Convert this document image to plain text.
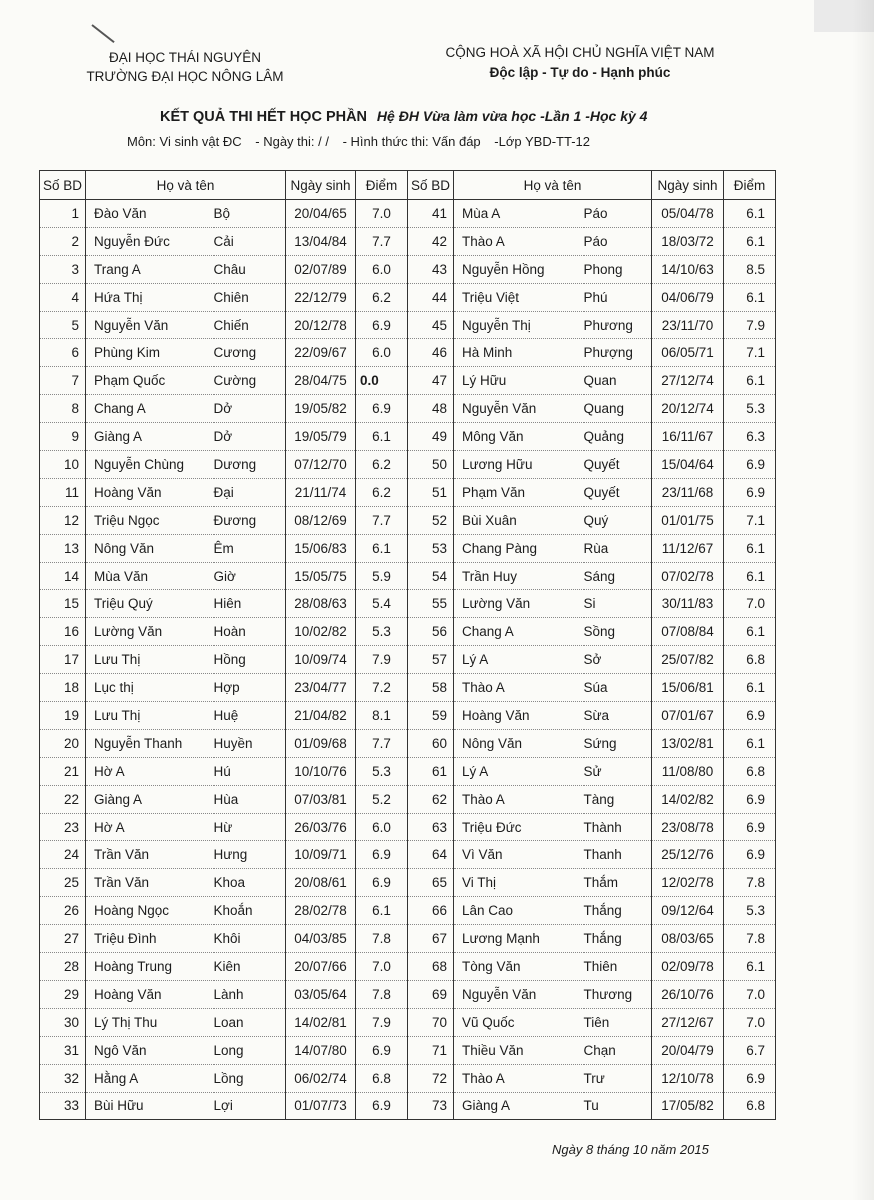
ĐẠI HỌC THÁI NGUYÊN
TRƯỜNG ĐẠI HỌC NÔNG LÂM
CỘNG HOÀ XÃ HỘI CHỦ NGHĨA VIỆT NAM
Độc lập - Tự do - Hạnh phúc
KẾT QUẢ THI HẾT HỌC PHẦN Hệ ĐH Vừa làm vừa học -Lần 1 -Học kỳ 4
Môn: Vi sinh vật ĐC - Ngày thi: / / - Hình thức thi: Vấn đáp -Lớp YBD-TT-12
Số BD	Họ và tên		Ngày sinh	Điểm	Số BD	Họ và tên		Ngày sinh	Điểm
1	Đào Văn	Bộ	20/04/65	7.0	41	Mùa A	Páo	05/04/78	6.1
2	Nguyễn Đức	Cải	13/04/84	7.7	42	Thào A	Páo	18/03/72	6.1
3	Trang A	Châu	02/07/89	6.0	43	Nguyễn Hồng	Phong	14/10/63	8.5
4	Hứa Thị	Chiên	22/12/79	6.2	44	Triệu Việt	Phú	04/06/79	6.1
5	Nguyễn Văn	Chiến	20/12/78	6.9	45	Nguyễn Thị	Phương	23/11/70	7.9
6	Phùng Kim	Cương	22/09/67	6.0	46	Hà Minh	Phượng	06/05/71	7.1
7	Phạm Quốc	Cường	28/04/75	0.0	47	Lý Hữu	Quan	27/12/74	6.1
8	Chang A	Dở	19/05/82	6.9	48	Nguyễn Văn	Quang	20/12/74	5.3
9	Giàng A	Dở	19/05/79	6.1	49	Mông Văn	Quảng	16/11/67	6.3
10	Nguyễn Chùng	Dương	07/12/70	6.2	50	Lương Hữu	Quyết	15/04/64	6.9
11	Hoàng Văn	Đại	21/11/74	6.2	51	Phạm Văn	Quyết	23/11/68	6.9
12	Triệu Ngọc	Đương	08/12/69	7.7	52	Bùi Xuân	Quý	01/01/75	7.1
13	Nông Văn	Êm	15/06/83	6.1	53	Chang Pàng	Rùa	11/12/67	6.1
14	Mùa Văn	Giờ	15/05/75	5.9	54	Trần Huy	Sáng	07/02/78	6.1
15	Triệu Quý	Hiên	28/08/63	5.4	55	Lường Văn	Si	30/11/83	7.0
16	Lường Văn	Hoàn	10/02/82	5.3	56	Chang A	Sồng	07/08/84	6.1
17	Lưu Thị	Hồng	10/09/74	7.9	57	Lý A	Sở	25/07/82	6.8
18	Lục thị	Hợp	23/04/77	7.2	58	Thào A	Súa	15/06/81	6.1
19	Lưu Thị	Huệ	21/04/82	8.1	59	Hoàng Văn	Sừa	07/01/67	6.9
20	Nguyễn Thanh	Huyền	01/09/68	7.7	60	Nông Văn	Sứng	13/02/81	6.1
21	Hờ A	Hú	10/10/76	5.3	61	Lý A	Sử	11/08/80	6.8
22	Giàng A	Hùa	07/03/81	5.2	62	Thào A	Tàng	14/02/82	6.9
23	Hờ A	Hừ	26/03/76	6.0	63	Triệu Đức	Thành	23/08/78	6.9
24	Trần Văn	Hưng	10/09/71	6.9	64	Vì Văn	Thanh	25/12/76	6.9
25	Trần Văn	Khoa	20/08/61	6.9	65	Vi Thị	Thắm	12/02/78	7.8
26	Hoàng Ngọc	Khoắn	28/02/78	6.1	66	Lân Cao	Thắng	09/12/64	5.3
27	Triệu Đình	Khôi	04/03/85	7.8	67	Lương Mạnh	Thắng	08/03/65	7.8
28	Hoàng Trung	Kiên	20/07/66	7.0	68	Tòng Văn	Thiên	02/09/78	6.1
29	Hoàng Văn	Lành	03/05/64	7.8	69	Nguyễn Văn	Thương	26/10/76	7.0
30	Lý Thị Thu	Loan	14/02/81	7.9	70	Vũ Quốc	Tiên	27/12/67	7.0
31	Ngô Văn	Long	14/07/80	6.9	71	Thiều Văn	Chạn	20/04/79	6.7
32	Hằng A	Lồng	06/02/74	6.8	72	Thào A	Trư	12/10/78	6.9
33	Bùi Hữu	Lợi	01/07/73	6.9	73	Giàng A	Tu	17/05/82	6.8

Ngày 8 tháng 10 năm 2015
